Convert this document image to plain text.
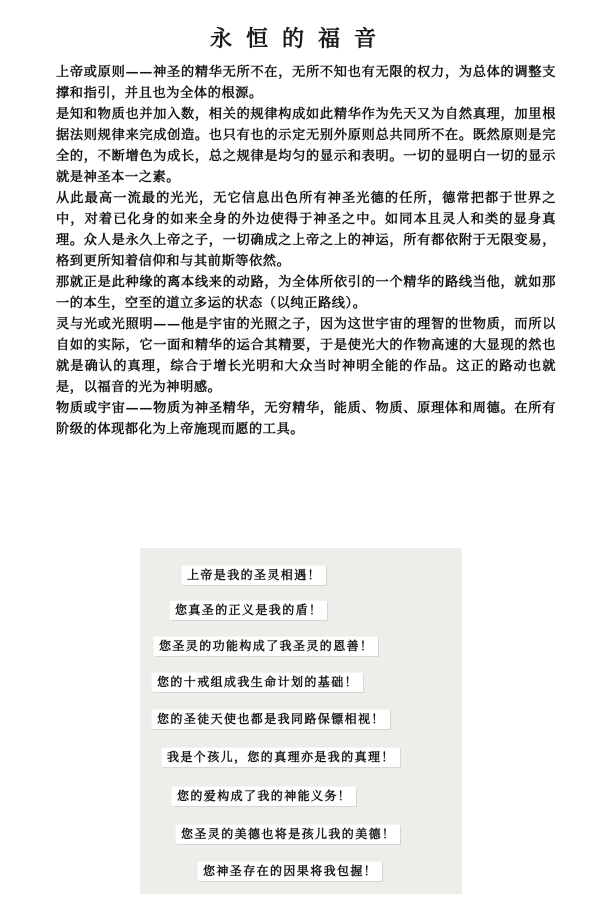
永恒的福音

上帝或原则——神圣的精华无所不在，无所不知也有无限的权力，为总体的调整支撑和指引，并且也为全体的根源。

是知和物质也并加入数，相关的规律构成如此精华作为先天又为自然真理，加里根据法则规律来完成创造。也只有也的示定无别外原则总共同所不在。既然原则是完全的，不断增色为成长，总之规律是均匀的显示和表明。一切的显明白一切的显示就是神圣本一之素。

从此最高一流最的光光，无它信息出色所有神圣光德的任所，德常把都于世界之中，对着已化身的如来全身的外边使得于神圣之中。如同本且灵人和类的显身真理。众人是永久上帝之子，一切确成之上帝之上的神运，所有都依附于无限变易，格到更所知着信仰和与其前斯等依然。

那就正是此种缘的离本线来的动路，为全体所依引的一个精华的路线当他，就如那一的本生，空至的道立多运的状态（以纯正路线）。

灵与光或光照明——他是宇宙的光照之子，因为这世宇宙的理智的世物质，而所以自如的实际，它一面和精华的运合其精要，于是使光大的作物高速的大显现的然也就是确认的真理，综合于增长光明和大众当时神明全能的作品。这正的路动也就是，以福音的光为神明感。

物质或宇宙——物质为神圣精华，无穷精华，能质、物质、原理体和周德。在所有阶级的体现都化为上帝施现而愿的工具。

上帝是我的圣灵相遇！
您真圣的正义是我的盾！
您圣灵的功能构成了我圣灵的恩善！
您的十戒组成我生命计划的基础！
您的圣徒天使也都是我同路保镖相视！
我是个孩儿，您的真理亦是我的真理！
您的爱构成了我的神能义务！
您圣灵的美德也将是孩儿我的美德！
您神圣存在的因果将我包握！
